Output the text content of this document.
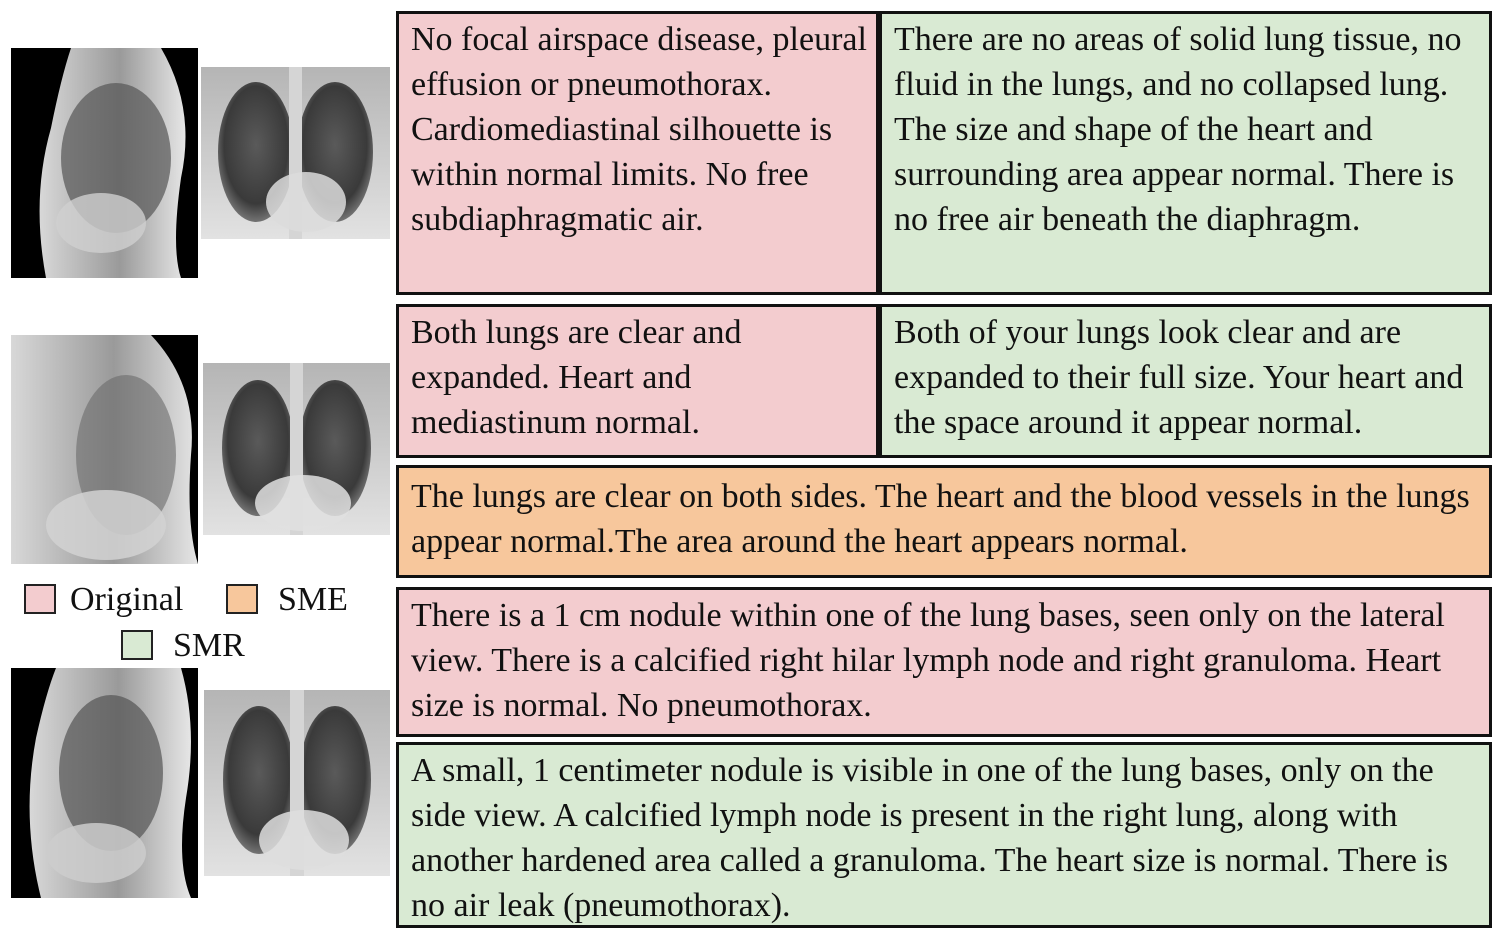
Original	SME
SMR
No focal airspace disease, pleural effusion or pneumothorax. Cardiomediastinal silhouette is within normal limits. No free subdiaphragmatic air.
There are no areas of solid lung tissue, no fluid in the lungs, and no collapsed lung. The size and shape of the heart and surrounding area appear normal. There is no free air beneath the diaphragm.
Both lungs are clear and expanded. Heart and mediastinum normal.
Both of your lungs look clear and are expanded to their full size. Your heart and the space around it appear normal.
The lungs are clear on both sides. The heart and the blood vessels in the lungs appear normal.The area around the heart appears normal.
There is a 1 cm nodule within one of the lung bases, seen only on the lateral view. There is a calcified right hilar lymph node and right granuloma. Heart size is normal. No pneumothorax.
A small, 1 centimeter nodule is visible in one of the lung bases, only on the side view. A calcified lymph node is present in the right lung, along with another hardened area called a granuloma. The heart size is normal. There is no air leak (pneumothorax).
